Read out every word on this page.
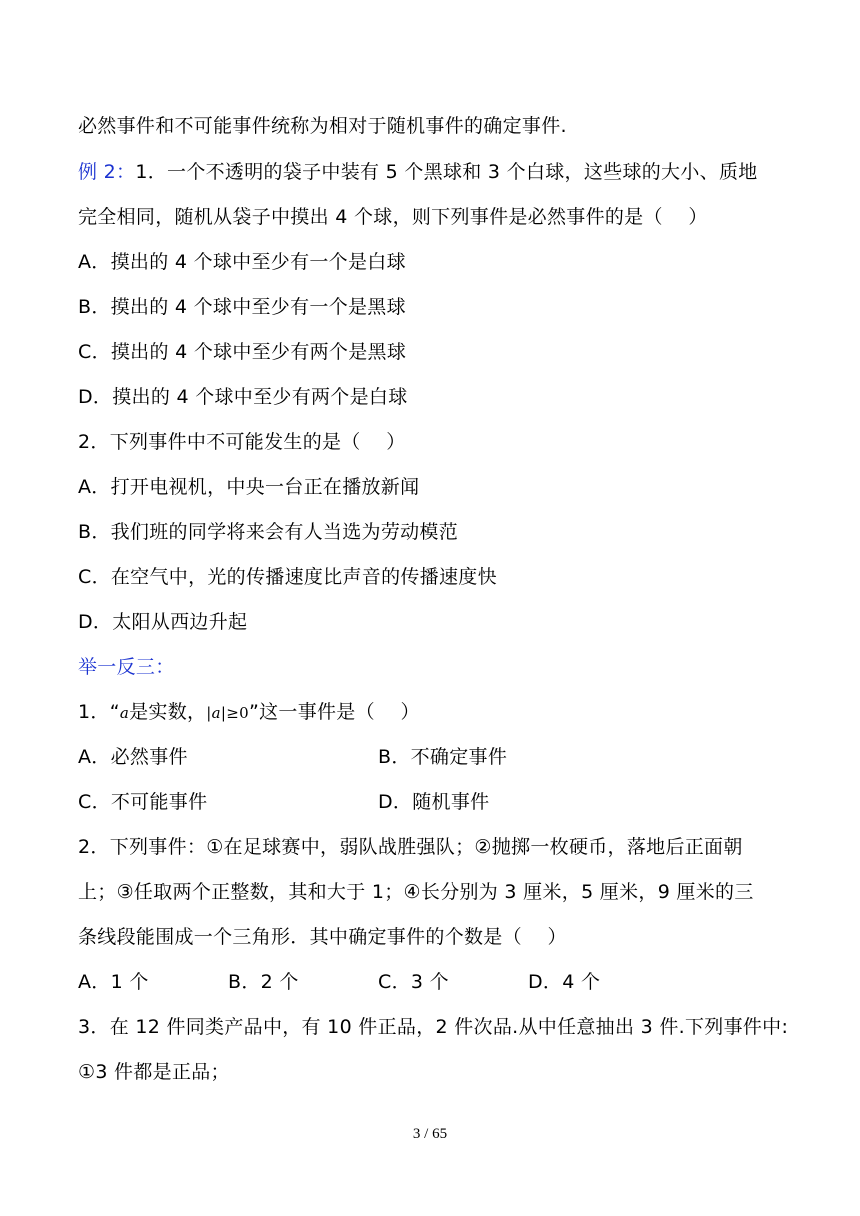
必然事件和不可能事件统称为相对于随机事件的确定事件.
例 2：1．一个不透明的袋子中装有 5 个黑球和 3 个白球，这些球的大小、质地
完全相同，随机从袋子中摸出 4 个球，则下列事件是必然事件的是（　 ）
A．摸出的 4 个球中至少有一个是白球
B．摸出的 4 个球中至少有一个是黑球
C．摸出的 4 个球中至少有两个是黑球
D．摸出的 4 个球中至少有两个是白球
2．下列事件中不可能发生的是（　 ）
A．打开电视机，中央一台正在播放新闻
B．我们班的同学将来会有人当选为劳动模范
C．在空气中，光的传播速度比声音的传播速度快
D．太阳从西边升起
举一反三：
1．“a是实数，|a|≥0”这一事件是（　 ）
A．必然事件	B．不确定事件
C．不可能事件	D．随机事件
2．下列事件：①在足球赛中，弱队战胜强队；②抛掷一枚硬币，落地后正面朝
上；③任取两个正整数，其和大于 1；④长分别为 3 厘米，5 厘米，9 厘米的三
条线段能围成一个三角形．其中确定事件的个数是（　 ）
A．1 个	B．2 个	C．3 个	D．4 个
3．在 12 件同类产品中，有 10 件正品，2 件次品.从中任意抽出 3 件.下列事件中:
①3 件都是正品；
3 / 65
